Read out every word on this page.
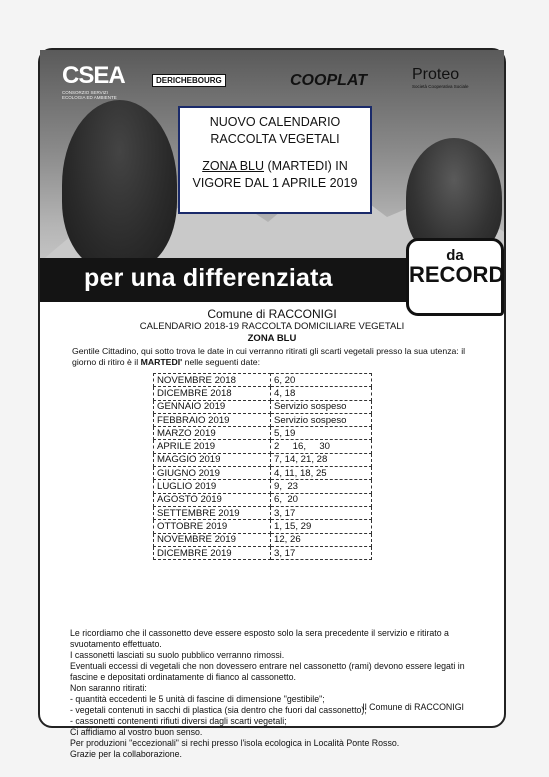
CSEA
CONSORZIO SERVIZI ECOLOGIA ED AMBIENTE
DERICHEBOURG	COOPLAT	Proteo
Società Cooperativa Sociale
NUOVO CALENDARIO
RACCOLTA VEGETALI
ZONA BLU (MARTEDI) IN
VIGORE DAL 1 APRILE 2019
per una differenziata
da
RECORD
Comune di RACCONIGI
CALENDARIO 2018-19 RACCOLTA DOMICILIARE VEGETALI
ZONA BLU
Gentile Cittadino, qui sotto trova le date in cui verranno ritirati gli scarti vegetali presso la sua utenza: il giorno di ritiro è il MARTEDI' nelle seguenti date:
NOVEMBRE 2018	6, 20
DICEMBRE 2018	4, 18
GENNAIO 2019	Servizio sospeso
FEBBRAIO 2019	Servizio sospeso
MARZO 2019	5, 19
APRILE 2019	2     16,     30
MAGGIO 2019	7, 14, 21, 28
GIUGNO 2019	4, 11, 18, 25
LUGLIO 2019	9,  23
AGOSTO 2019	6,  20
SETTEMBRE 2019	3, 17
OTTOBRE 2019	1, 15, 29
NOVEMBRE 2019	12, 26
DICEMBRE 2019	3, 17
Le ricordiamo che il cassonetto deve essere esposto solo la sera precedente il servizio e ritirato a svuotamento effettuato.
I cassonetti lasciati su suolo pubblico verranno rimossi.
Eventuali eccessi di vegetali che non dovessero entrare nel cassonetto (rami) devono essere legati in fascine e depositati ordinatamente di fianco al cassonetto.
Non saranno ritirati:
- quantità eccedenti le 5 unità di fascine di dimensione "gestibile";
- vegetali contenuti in sacchi di plastica (sia dentro che fuori dal cassonetto);
- cassonetti contenenti rifiuti diversi dagli scarti vegetali;
Ci affidiamo al vostro buon senso.
Per produzioni "eccezionali" si rechi presso l'isola ecologica in Località Ponte Rosso.
Grazie per la collaborazione.
Il Comune di RACCONIGI
